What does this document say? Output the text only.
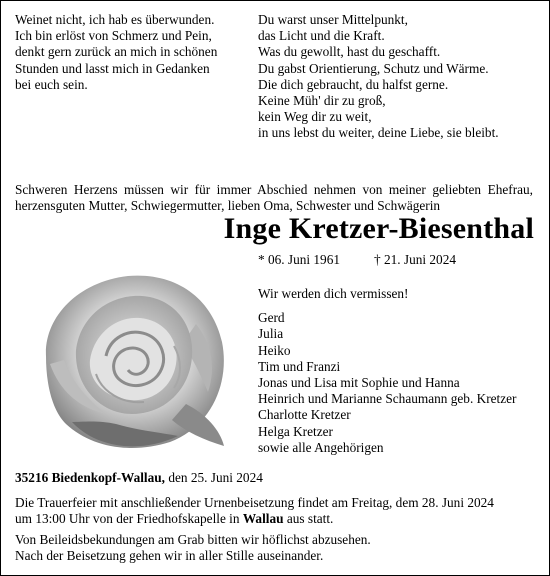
Weinet nicht, ich hab es überwunden.
Ich bin erlöst von Schmerz und Pein,
denkt gern zurück an mich in schönen
Stunden und lasst mich in Gedanken
bei euch sein.
Du warst unser Mittelpunkt,
das Licht und die Kraft.
Was du gewollt, hast du geschafft.
Du gabst Orientierung, Schutz und Wärme.
Die dich gebraucht, du halfst gerne.
Keine Müh' dir zu groß,
kein Weg dir zu weit,
in uns lebst du weiter, deine Liebe, sie bleibt.
Schweren Herzens müssen wir für immer Abschied nehmen von meiner geliebten Ehefrau, herzensguten Mutter, Schwiegermutter, lieben Oma, Schwester und Schwägerin
Inge Kretzer-Biesenthal
* 06. Juni 1961	† 21. Juni 2024
Wir werden dich vermissen!
Gerd
Julia
Heiko
Tim und Franzi
Jonas und Lisa mit Sophie und Hanna
Heinrich und Marianne Schaumann geb. Kretzer
Charlotte Kretzer
Helga Kretzer
sowie alle Angehörigen
35216 Biedenkopf-Wallau, den 25. Juni 2024
Die Trauerfeier mit anschließender Urnenbeisetzung findet am Freitag, dem 28. Juni 2024
um 13:00 Uhr von der Friedhofskapelle in Wallau aus statt.
Von Beileidsbekundungen am Grab bitten wir höflichst abzusehen.
Nach der Beisetzung gehen wir in aller Stille auseinander.
